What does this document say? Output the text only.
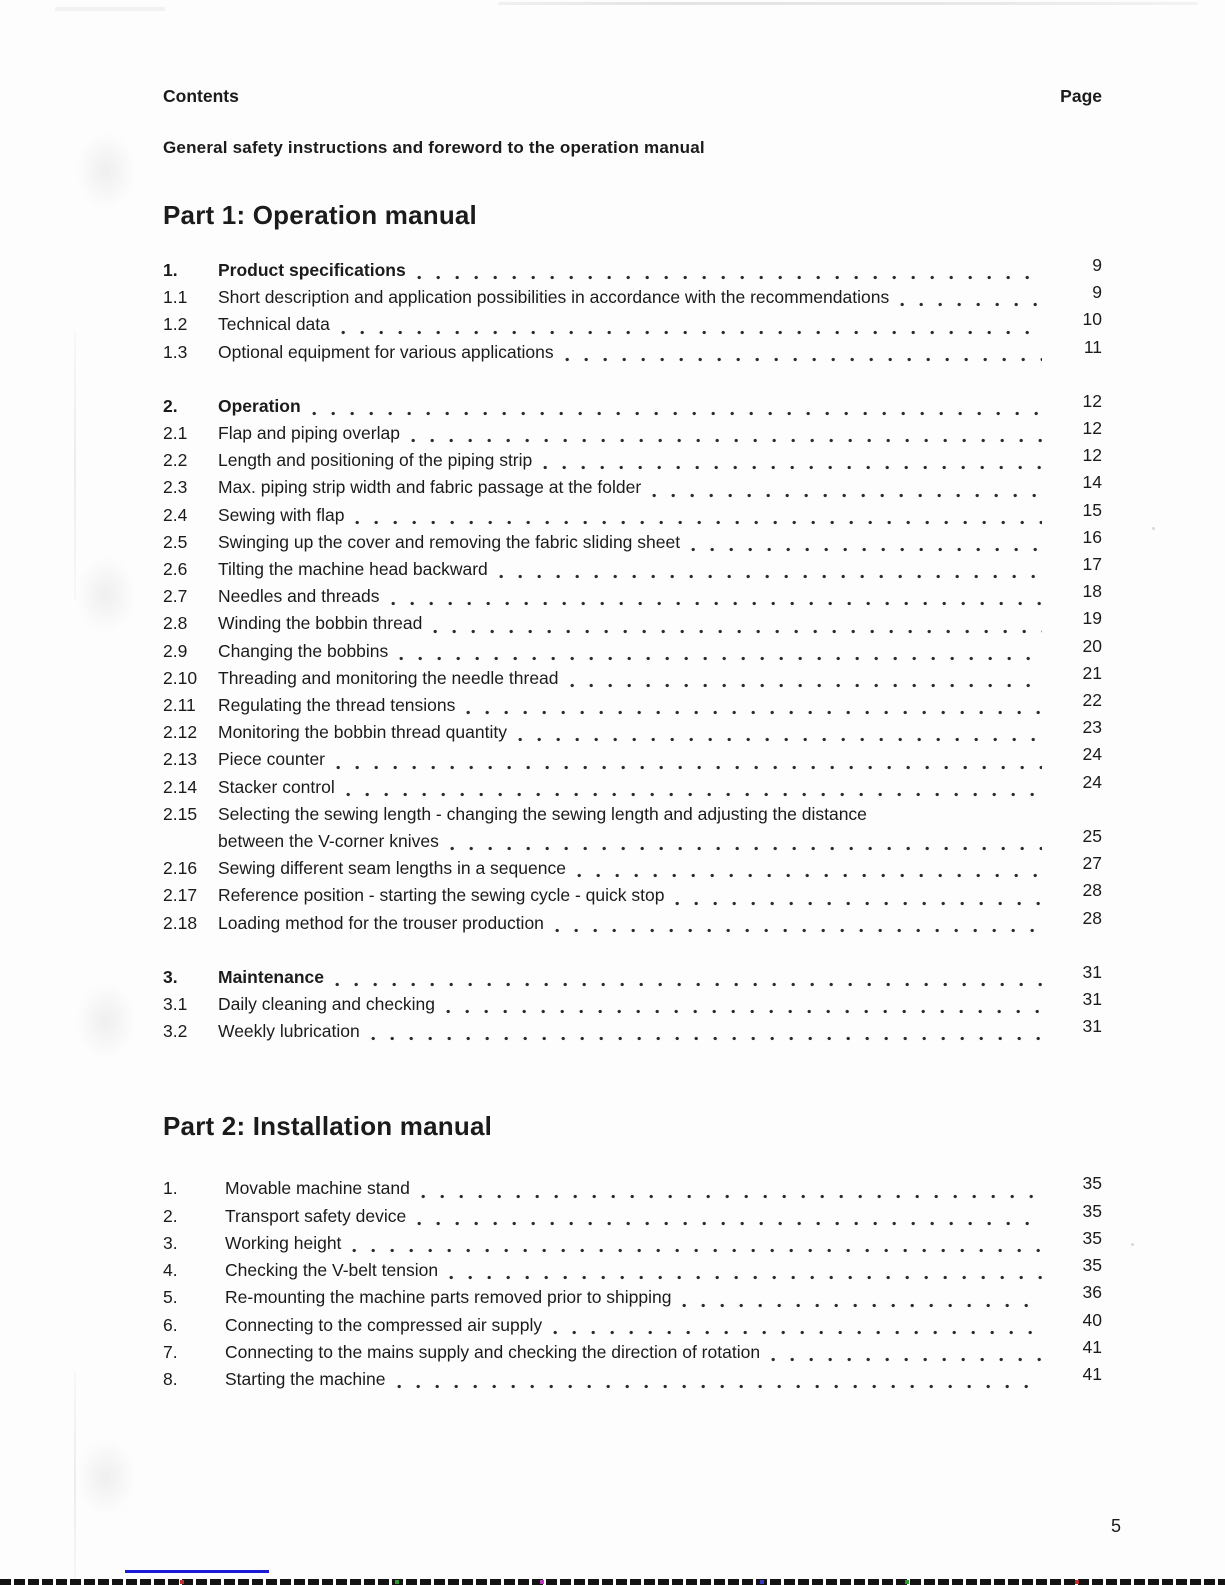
Contents	Page
General safety instructions and foreword to the operation manual
Part 1: Operation manual
1.	Product specifications	9
1.1	Short description and application possibilities in accordance with the recommendations	9
1.2	Technical data	10
1.3	Optional equipment for various applications	11
2.	Operation	12
2.1	Flap and piping overlap	12
2.2	Length and positioning of the piping strip	12
2.3	Max. piping strip width and fabric passage at the folder	14
2.4	Sewing with flap	15
2.5	Swinging up the cover and removing the fabric sliding sheet	16
2.6	Tilting the machine head backward	17
2.7	Needles and threads	18
2.8	Winding the bobbin thread	19
2.9	Changing the bobbins	20
2.10	Threading and monitoring the needle thread	21
2.11	Regulating the thread tensions	22
2.12	Monitoring the bobbin thread quantity	23
2.13	Piece counter	24
2.14	Stacker control	24
2.15	Selecting the sewing length - changing the sewing length and adjusting the distance
between the V-corner knives	25
2.16	Sewing different seam lengths in a sequence	27
2.17	Reference position - starting the sewing cycle - quick stop	28
2.18	Loading method for the trouser production	28
3.	Maintenance	31
3.1	Daily cleaning and checking	31
3.2	Weekly lubrication	31
Part 2: Installation manual
1.	Movable machine stand	35
2.	Transport safety device	35
3.	Working height	35
4.	Checking the V-belt tension	35
5.	Re-mounting the machine parts removed prior to shipping	36
6.	Connecting to the compressed air supply	40
7.	Connecting to the mains supply and checking the direction of rotation	41
8.	Starting the machine	41
5
